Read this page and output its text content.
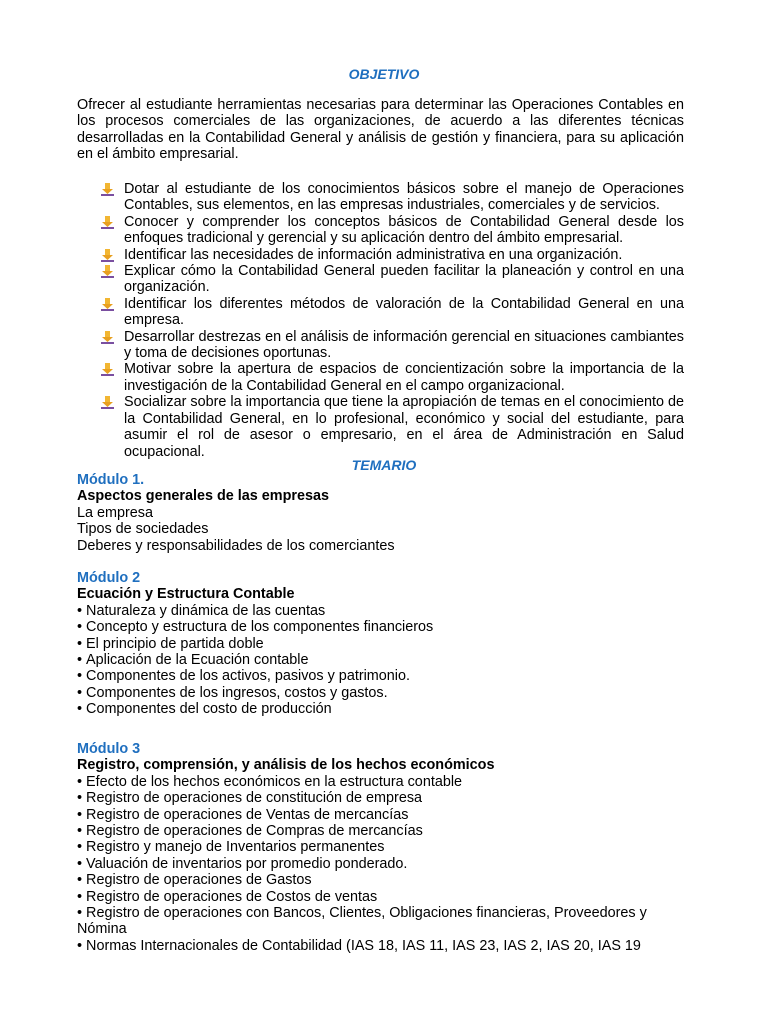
OBJETIVO

Ofrecer al estudiante herramientas necesarias para determinar las Operaciones Contables en los procesos comerciales de las organizaciones, de acuerdo a las diferentes técnicas desarrolladas en la Contabilidad General y análisis de gestión y financiera, para su aplicación en el ámbito empresarial.

Dotar al estudiante de los conocimientos básicos sobre el manejo de Operaciones Contables, sus elementos, en las empresas industriales, comerciales y de servicios.
Conocer y comprender los conceptos básicos de Contabilidad General desde los enfoques tradicional y gerencial y su aplicación dentro del ámbito empresarial.
Identificar las necesidades de información administrativa en una organización.
Explicar cómo la Contabilidad General pueden facilitar la planeación y control en una organización.
Identificar los diferentes métodos de valoración de la Contabilidad General en una empresa.
Desarrollar destrezas en el análisis de información gerencial en situaciones cambiantes y toma de decisiones oportunas.
Motivar sobre la apertura de espacios de concientización sobre la importancia de la investigación de la Contabilidad General en el campo organizacional.
Socializar sobre la importancia que tiene la apropiación de temas en el conocimiento de la Contabilidad General, en lo profesional, económico y social del estudiante, para asumir el rol de asesor o empresario, en el área de Administración en Salud ocupacional.
TEMARIO
Módulo 1.

Aspectos generales de las empresas

La empresa
Tipos de sociedades
Deberes y responsabilidades de los comerciantes
Módulo 2

Ecuación y Estructura Contable

• Naturaleza y dinámica de las cuentas
• Concepto y estructura de los componentes financieros
• El principio de partida doble
• Aplicación de la Ecuación contable
• Componentes de los activos, pasivos y patrimonio.
• Componentes de los ingresos, costos y gastos.
• Componentes del costo de producción
Módulo 3

Registro, comprensión, y análisis de los hechos económicos

• Efecto de los hechos económicos en la estructura contable
• Registro de operaciones de constitución de empresa
• Registro de operaciones de Ventas de mercancías
• Registro de operaciones de Compras de mercancías
• Registro y manejo de Inventarios permanentes
• Valuación de inventarios por promedio ponderado.
• Registro de operaciones de Gastos
• Registro de operaciones de Costos de ventas
• Registro de operaciones con Bancos, Clientes, Obligaciones financieras, Proveedores y Nómina
• Normas Internacionales de Contabilidad (IAS 18, IAS 11, IAS 23, IAS 2, IAS 20, IAS 19
